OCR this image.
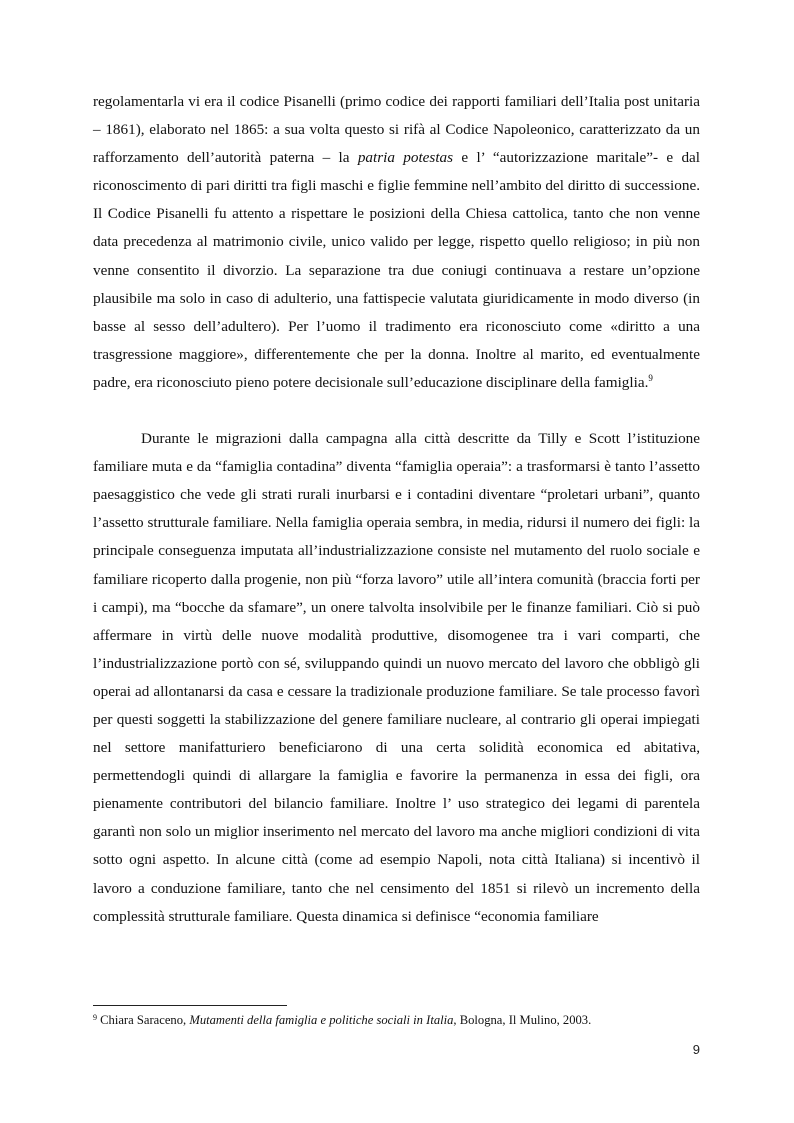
regolamentarla vi era il codice Pisanelli (primo codice dei rapporti familiari dell’Italia post unitaria – 1861), elaborato nel 1865: a sua volta questo si rifà al Codice Napoleonico, caratterizzato da un rafforzamento dell’autorità paterna – la patria potestas e l’ “autorizzazione maritale”- e dal riconoscimento di pari diritti tra figli maschi e figlie femmine nell’ambito del diritto di successione. Il Codice Pisanelli fu attento a rispettare le posizioni della Chiesa cattolica, tanto che non venne data precedenza al matrimonio civile, unico valido per legge, rispetto quello religioso; in più non venne consentito il divorzio. La separazione tra due coniugi continuava a restare un’opzione plausibile ma solo in caso di adulterio, una fattispecie valutata giuridicamente in modo diverso (in basse al sesso dell’adultero). Per l’uomo il tradimento era riconosciuto come «diritto a una trasgressione maggiore», differentemente che per la donna. Inoltre al marito, ed eventualmente padre, era riconosciuto pieno potere decisionale sull’educazione disciplinare della famiglia.$^9$

Durante le migrazioni dalla campagna alla città descritte da Tilly e Scott l’istituzione familiare muta e da “famiglia contadina” diventa “famiglia operaia”: a trasformarsi è tanto l’assetto paesaggistico che vede gli strati rurali inurbarsi e i contadini diventare “proletari urbani”, quanto l’assetto strutturale familiare. Nella famiglia operaia sembra, in media, ridursi il numero dei figli: la principale conseguenza imputata all’industrializzazione consiste nel mutamento del ruolo sociale e familiare ricoperto dalla progenie, non più “forza lavoro” utile all’intera comunità (braccia forti per i campi), ma “bocche da sfamare”, un onere talvolta insolvibile per le finanze familiari. Ciò si può affermare in virtù delle nuove modalità produttive, disomogenee tra i vari comparti, che l’industrializzazione portò con sé, sviluppando quindi un nuovo mercato del lavoro che obbligò gli operai ad allontanarsi da casa e cessare la tradizionale produzione familiare. Se tale processo favorì per questi soggetti la stabilizzazione del genere familiare nucleare, al contrario gli operai impiegati nel settore manifatturiero beneficiarono di una certa solidità economica ed abitativa, permettendogli quindi di allargare la famiglia e favorire la permanenza in essa dei figli, ora pienamente contributori del bilancio familiare. Inoltre l’ uso strategico dei legami di parentela garantì non solo un miglior inserimento nel mercato del lavoro ma anche migliori condizioni di vita sotto ogni aspetto. In alcune città (come ad esempio Napoli, nota città Italiana) si incentivò il lavoro a conduzione familiare, tanto che nel censimento del 1851 si rilevò un incremento della complessità strutturale familiare. Questa dinamica si definisce “economia familiare

$^9$ Chiara Saraceno, Mutamenti della famiglia e politiche sociali in Italia, Bologna, Il Mulino, 2003.
9
